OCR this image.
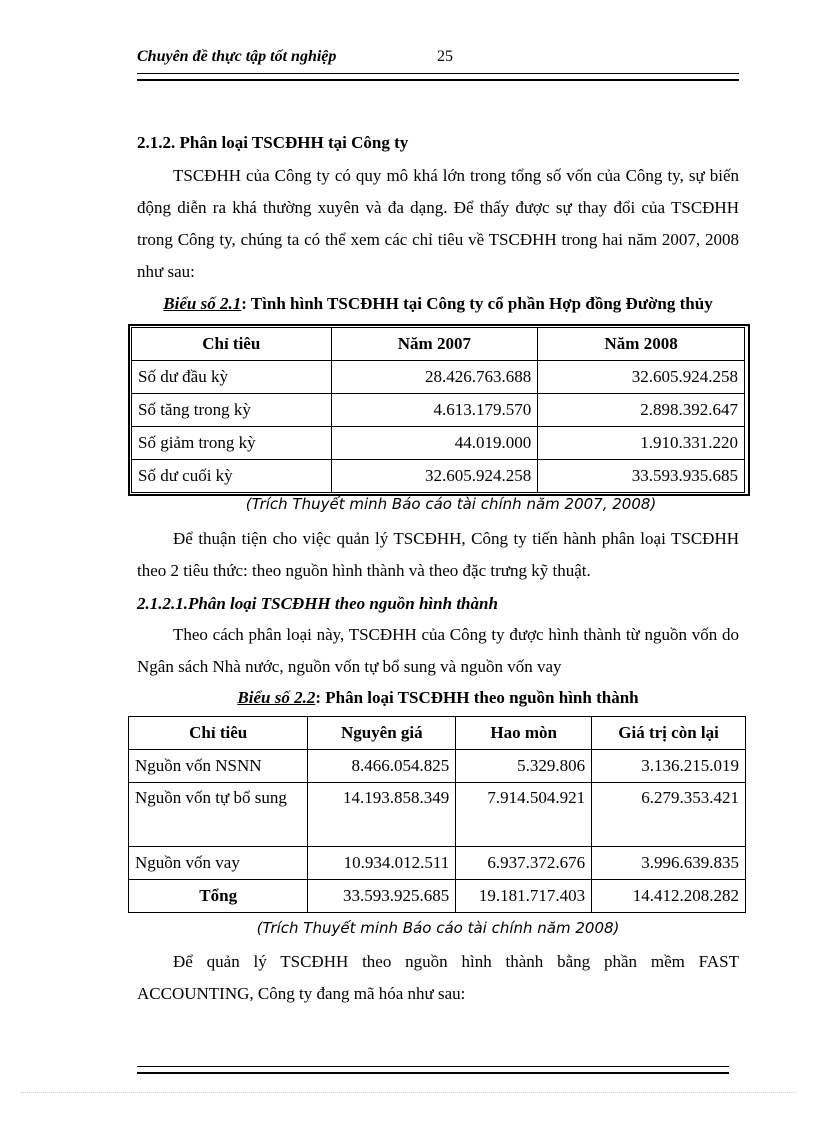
Chuyên đề thực tập tốt nghiệp	25
2.1.2. Phân loại TSCĐHH tại Công ty
TSCĐHH của Công ty có quy mô khá lớn trong tổng số vốn của Công ty, sự biến động diễn ra khá thường xuyên và đa dạng. Để thấy được sự thay đổi của TSCĐHH trong Công ty, chúng ta có thể xem các chỉ tiêu về TSCĐHH trong hai năm 2007, 2008 như sau:
Biểu số 2.1: Tình hình TSCĐHH tại Công ty cổ phần Hợp đồng Đường thủy
Chỉ tiêu	Năm 2007	Năm 2008
Số dư đầu kỳ	28.426.763.688	32.605.924.258
Số tăng trong kỳ	4.613.179.570	2.898.392.647
Số giảm trong kỳ	44.019.000	1.910.331.220
Số dư cuối kỳ	32.605.924.258	33.593.935.685
(Trích Thuyết minh Báo cáo tài chính năm 2007, 2008)
Để thuận tiện cho việc quản lý TSCĐHH, Công ty tiến hành phân loại TSCĐHH theo 2 tiêu thức: theo nguồn hình thành và theo đặc trưng kỹ thuật.
2.1.2.1.Phân loại TSCĐHH theo nguồn hình thành
Theo cách phân loại này, TSCĐHH của Công ty được hình thành từ nguồn vốn do Ngân sách Nhà nước, nguồn vốn tự bổ sung và nguồn vốn vay
Biểu số 2.2: Phân loại TSCĐHH theo nguồn hình thành
Chỉ tiêu	Nguyên giá	Hao mòn	Giá trị còn lại
Nguồn vốn NSNN	8.466.054.825	5.329.806	3.136.215.019
Nguồn vốn tự bổ sung	14.193.858.349	7.914.504.921	6.279.353.421
Nguồn vốn vay	10.934.012.511	6.937.372.676	3.996.639.835
Tổng	33.593.925.685	19.181.717.403	14.412.208.282
(Trích Thuyết minh Báo cáo tài chính năm 2008)
Để quản lý TSCĐHH theo nguồn hình thành bằng phần mềm FAST ACCOUNTING, Công ty đang mã hóa như sau:
